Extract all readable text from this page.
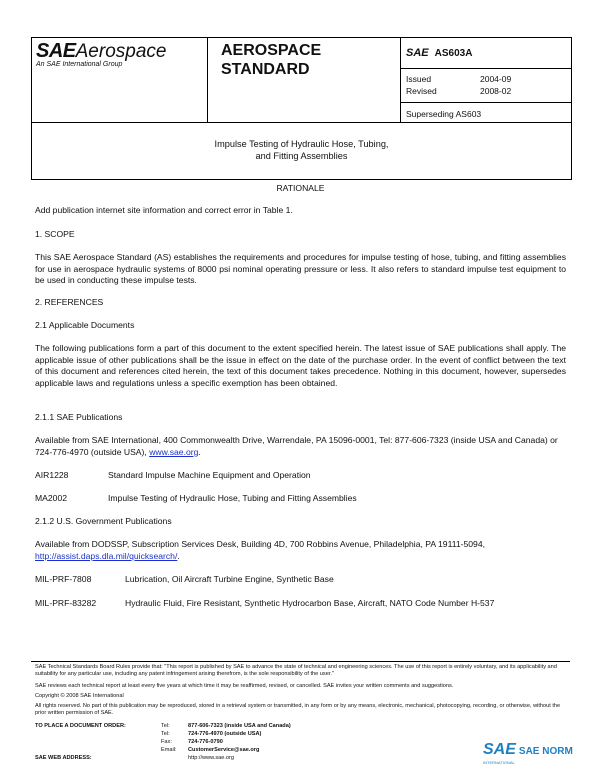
SAEAerospace
An SAE International Group
AEROSPACE
STANDARD
SAE AS603A
Issued	2004-09
Revised	2008-02
Superseding AS603
Impulse Testing of Hydraulic Hose, Tubing,
and Fitting Assemblies
RATIONALE
Add publication internet site information and correct error in Table 1.
1. SCOPE
This SAE Aerospace Standard (AS) establishes the requirements and procedures for impulse testing of hose, tubing, and fitting assemblies for use in aerospace hydraulic systems of 8000 psi nominal operating pressure or less. It also refers to standard impulse test equipment to be used in conducting these impulse tests.
2. REFERENCES
2.1 Applicable Documents
The following publications form a part of this document to the extent specified herein. The latest issue of SAE publications shall apply. The applicable issue of other publications shall be the issue in effect on the date of the purchase order. In the event of conflict between the text of this document and references cited herein, the text of this document takes precedence. Nothing in this document, however, supersedes applicable laws and regulations unless a specific exemption has been obtained.
2.1.1 SAE Publications
Available from SAE International, 400 Commonwealth Drive, Warrendale, PA 15096-0001, Tel: 877-606-7323 (inside USA and Canada) or 724-776-4970 (outside USA), www.sae.org.
AIR1228	Standard Impulse Machine Equipment and Operation
MA2002	Impulse Testing of Hydraulic Hose, Tubing and Fitting Assemblies
2.1.2 U.S. Government Publications
Available from DODSSP, Subscription Services Desk, Building 4D, 700 Robbins Avenue, Philadelphia, PA 19111-5094, http://assist.daps.dla.mil/quicksearch/.
MIL-PRF-7808	Lubrication, Oil Aircraft Turbine Engine, Synthetic Base
MIL-PRF-83282	Hydraulic Fluid, Fire Resistant, Synthetic Hydrocarbon Base, Aircraft, NATO Code Number H-537
SAE Technical Standards Board Rules provide that: "This report is published by SAE to advance the state of technical and engineering sciences. The use of this report is entirely voluntary, and its applicability and suitability for any particular use, including any patent infringement arising therefrom, is the sole responsibility of the user."
SAE reviews each technical report at least every five years at which time it may be reaffirmed, revised, or cancelled. SAE invites your written comments and suggestions.
Copyright © 2008 SAE International
All rights reserved. No part of this publication may be reproduced, stored in a retrieval system or transmitted, in any form or by any means, electronic, mechanical, photocopying, recording, or otherwise, without the prior written permission of SAE.
TO PLACE A DOCUMENT ORDER:	Tel:	877-606-7323 (inside USA and Canada)
Tel:	724-776-4970 (outside USA)
Fax:	724-776-0790
Email: CustomerService@sae.org
SAE WEB ADDRESS:	http://www.sae.org	SAE SAE NORM
INTERNATIONAL
